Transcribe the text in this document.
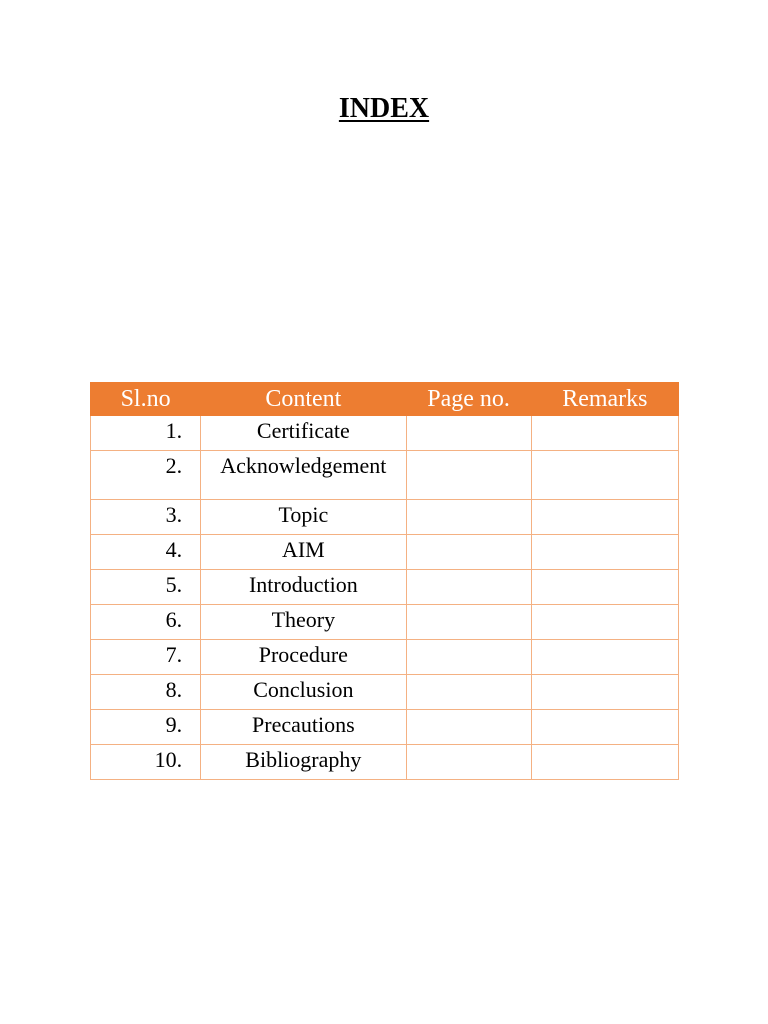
INDEX
Sl.no	Content	Page no.	Remarks
1.	Certificate		
2.	Acknowledgement		
3.	Topic		
4.	AIM		
5.	Introduction		
6.	Theory		
7.	Procedure		
8.	Conclusion		
9.	Precautions		
10.	Bibliography		
